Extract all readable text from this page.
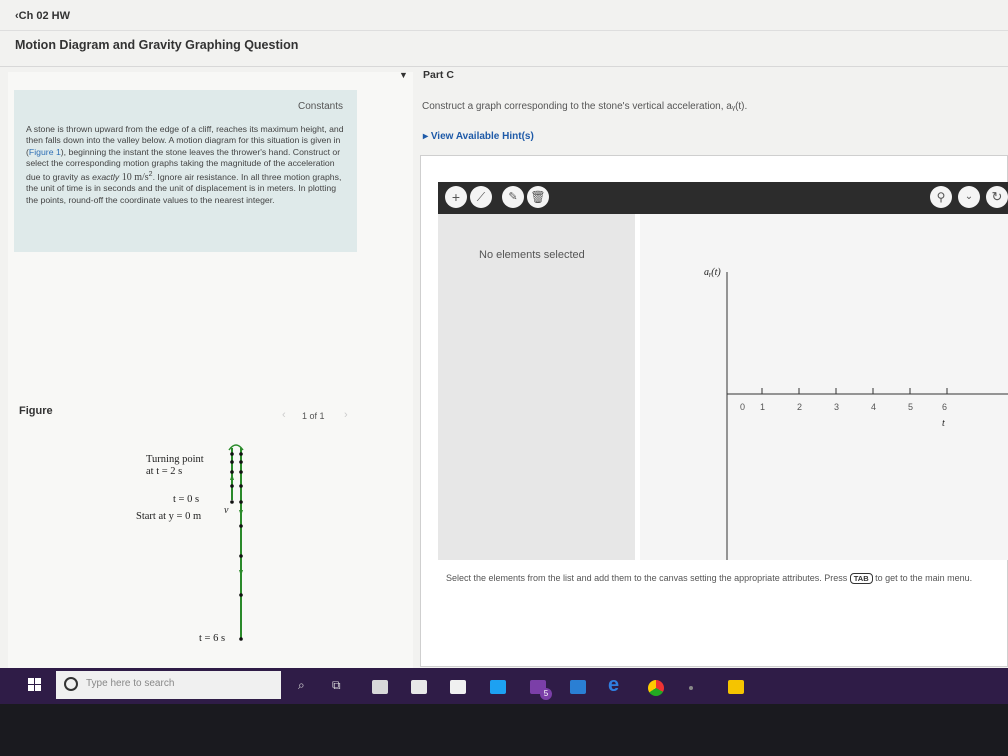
‹Ch 02 HW
Motion Diagram and Gravity Graphing Question
Constants
A stone is thrown upward from the edge of a cliff, reaches its maximum height, and then falls down into the valley below. A motion diagram for this situation is given in (Figure 1), beginning the instant the stone leaves the thrower's hand. Construct or select the corresponding motion graphs taking the magnitude of the acceleration due to gravity as exactly 10 $m/s^2$. Ignore air resistance. In all three motion graphs, the unit of time is in seconds and the unit of displacement is in meters. In plotting the points, round-off the coordinate values to the nearest integer.
Figure	‹ 1 of 1 ›
Turning point
at t = 2 s
t = 0 s
Start at y = 0 m
v⃗
t = 6 s
▼ Part C
Construct a graph corresponding to the stone's vertical acceleration, aᵧ(t).
▸ View Available Hint(s)
+	⟋	✎	🗑	⚲	⌄	↻
No elements selected
aᵧ(t)
t
0 1	2	3	4	5	6
Select the elements from the list and add them to the canvas setting the appropriate attributes. Press TAB to get to the main menu.
Type here to search	⌕ ⧉
5	e
